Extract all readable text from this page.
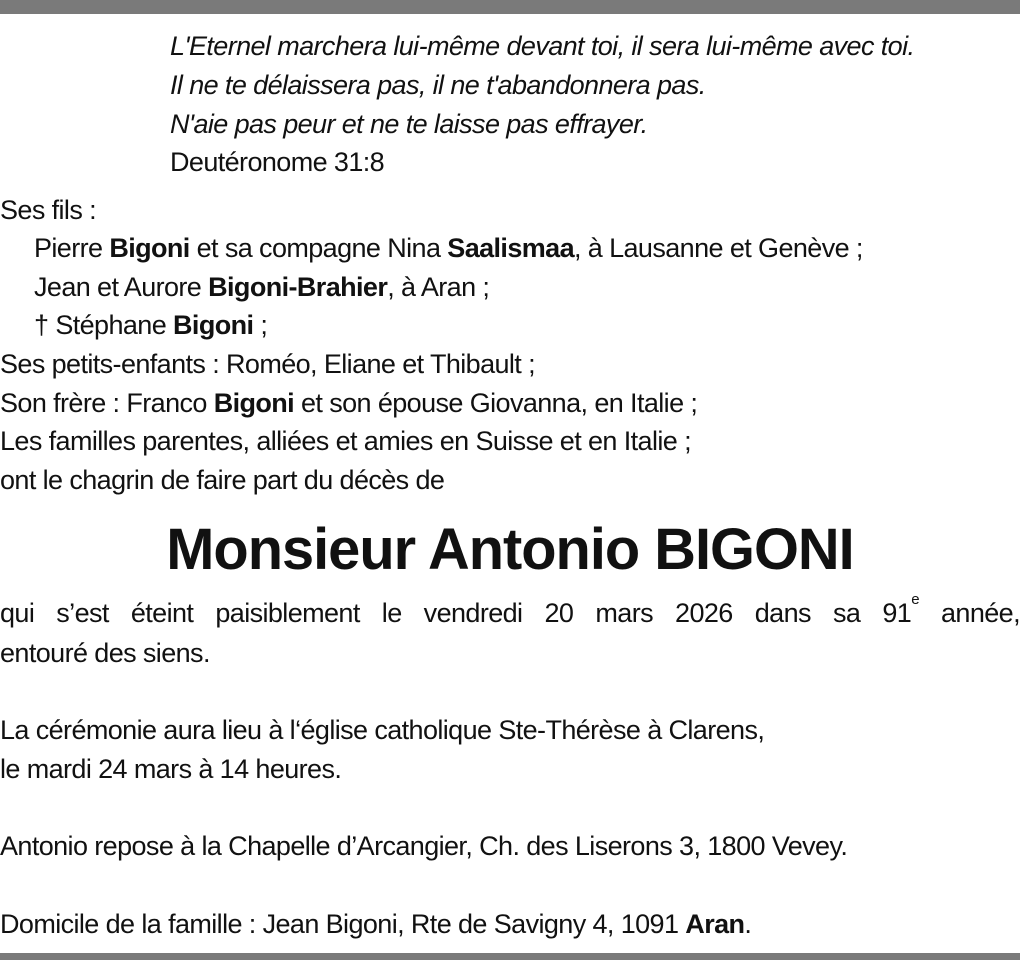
L'Eternel marchera lui-même devant toi, il sera lui-même avec toi.
Il ne te délaissera pas, il ne t'abandonnera pas.
N'aie pas peur et ne te laisse pas effrayer.
Deutéronome 31:8
Ses fils :
Pierre Bigoni et sa compagne Nina Saalismaa, à Lausanne et Genève ;
Jean et Aurore Bigoni-Brahier, à Aran ;
† Stéphane Bigoni ;
Ses petits-enfants : Roméo, Eliane et Thibault ;
Son frère : Franco Bigoni et son épouse Giovanna, en Italie ;
Les familles parentes, alliées et amies en Suisse et en Italie ;
ont le chagrin de faire part du décès de
Monsieur Antonio BIGONI
qui s’est éteint paisiblement le vendredi 20 mars 2026 dans sa 91e année,
entouré des siens.
La cérémonie aura lieu à l‘église catholique Ste-Thérèse à Clarens,
le mardi 24 mars à 14 heures.
Antonio repose à la Chapelle d’Arcangier, Ch. des Liserons 3, 1800 Vevey.
Domicile de la famille : Jean Bigoni, Rte de Savigny 4, 1091 Aran.
